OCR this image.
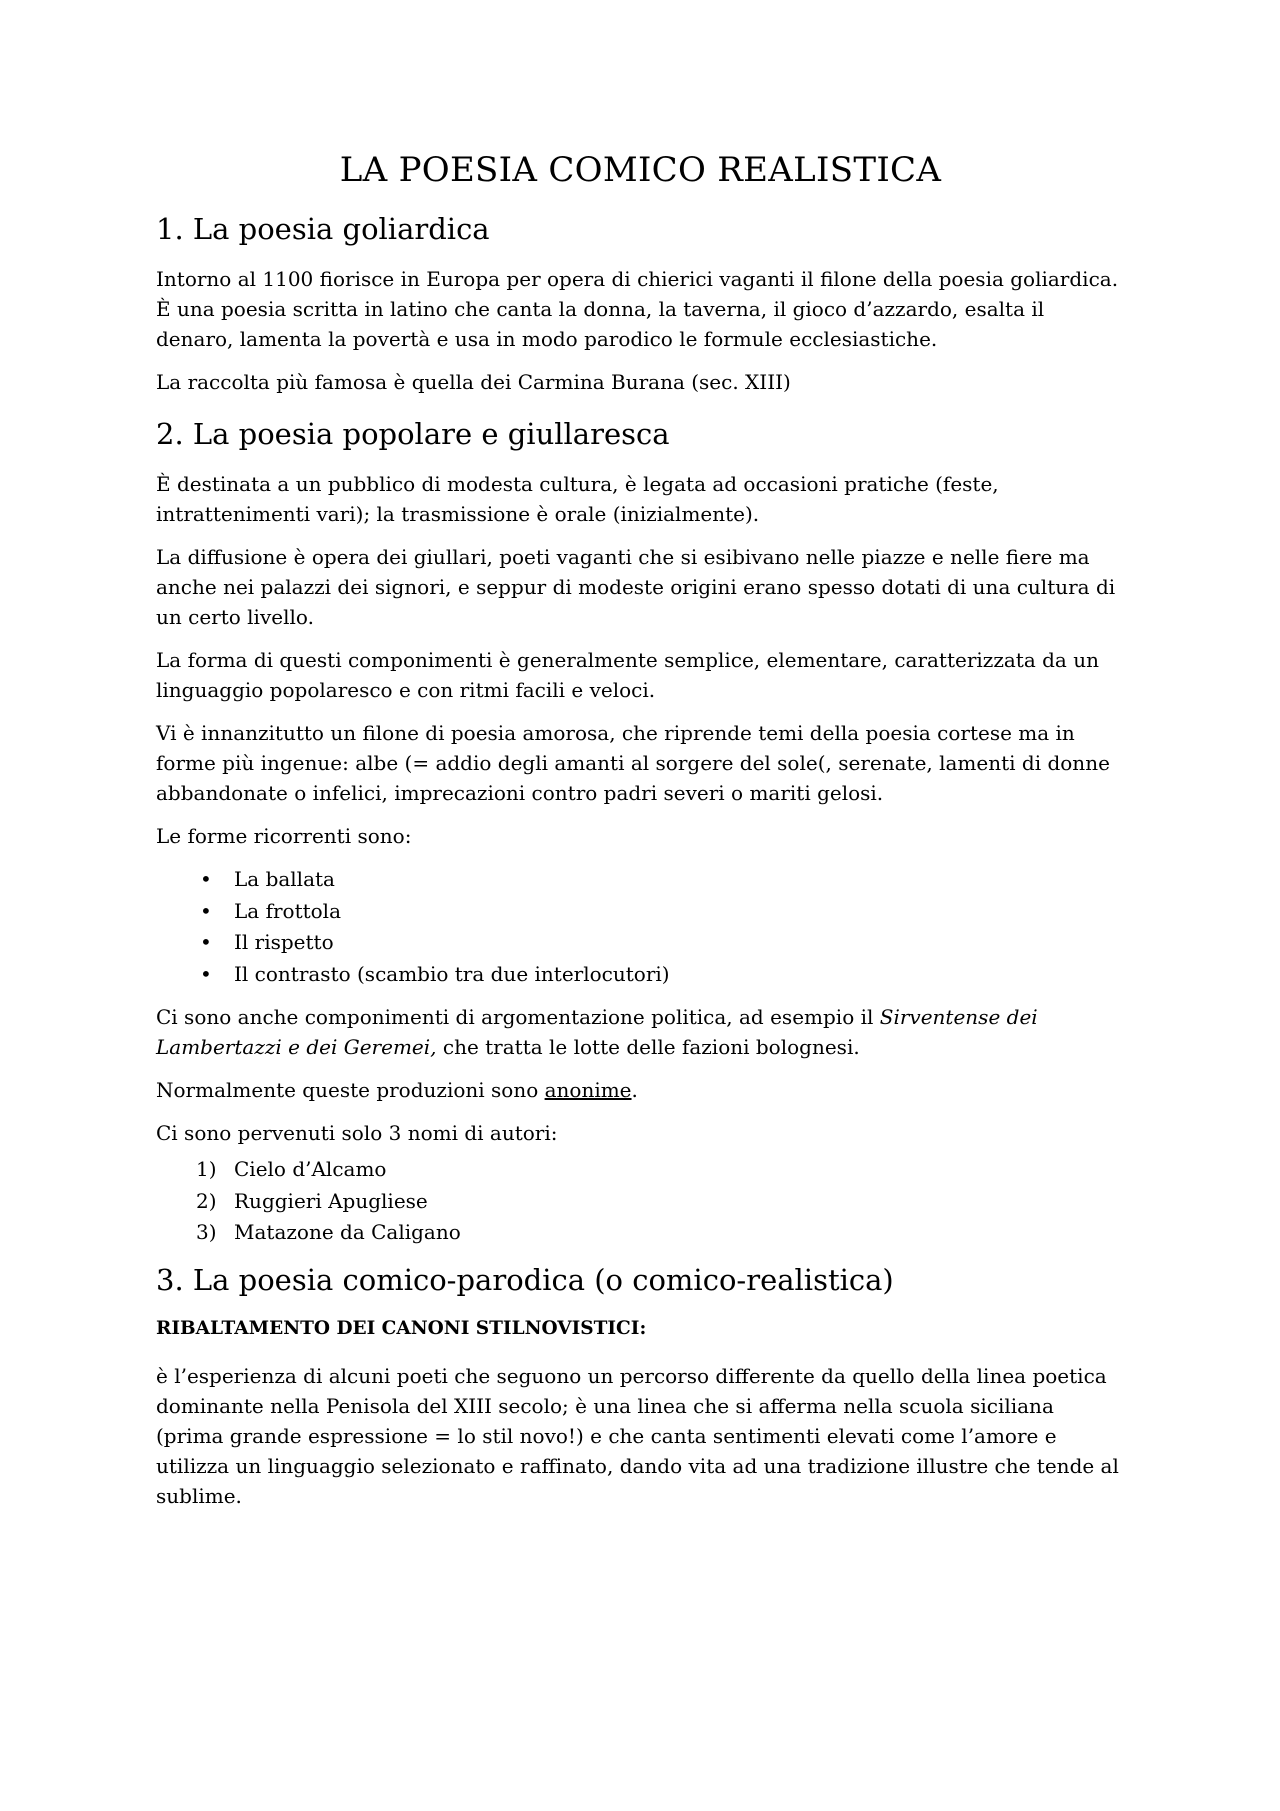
LA POESIA COMICO REALISTICA
1. La poesia goliardica

Intorno al 1100 fiorisce in Europa per opera di chierici vaganti il filone della poesia goliardica. È una poesia scritta in latino che canta la donna, la taverna, il gioco d’azzardo, esalta il denaro, lamenta la povertà e usa in modo parodico le formule ecclesiastiche.

La raccolta più famosa è quella dei Carmina Burana (sec. XIII)

2. La poesia popolare e giullaresca

È destinata a un pubblico di modesta cultura, è legata ad occasioni pratiche (feste, intrattenimenti vari); la trasmissione è orale (inizialmente).

La diffusione è opera dei giullari, poeti vaganti che si esibivano nelle piazze e nelle fiere ma anche nei palazzi dei signori, e seppur di modeste origini erano spesso dotati di una cultura di un certo livello.

La forma di questi componimenti è generalmente semplice, elementare, caratterizzata da un linguaggio popolaresco e con ritmi facili e veloci.

Vi è innanzitutto un filone di poesia amorosa, che riprende temi della poesia cortese ma in forme più ingenue: albe (= addio degli amanti al sorgere del sole(, serenate, lamenti di donne abbandonate o infelici, imprecazioni contro padri severi o mariti gelosi.

Le forme ricorrenti sono:

• La ballata
• La frottola
• Il rispetto
• Il contrasto (scambio tra due interlocutori)

Ci sono anche componimenti di argomentazione politica, ad esempio il Sirventense dei Lambertazzi e dei Geremei, che tratta le lotte delle fazioni bolognesi.

Normalmente queste produzioni sono anonime.

Ci sono pervenuti solo 3 nomi di autori:

1) Cielo d’Alcamo
2) Ruggieri Apugliese
3) Matazone da Caligano
3. La poesia comico-parodica (o comico-realistica)

RIBALTAMENTO DEI CANONI STILNOVISTICI:

è l’esperienza di alcuni poeti che seguono un percorso differente da quello della linea poetica dominante nella Penisola del XIII secolo; è una linea che si afferma nella scuola siciliana (prima grande espressione = lo stil novo!) e che canta sentimenti elevati come l’amore e utilizza un linguaggio selezionato e raffinato, dando vita ad una tradizione illustre che tende al sublime.
